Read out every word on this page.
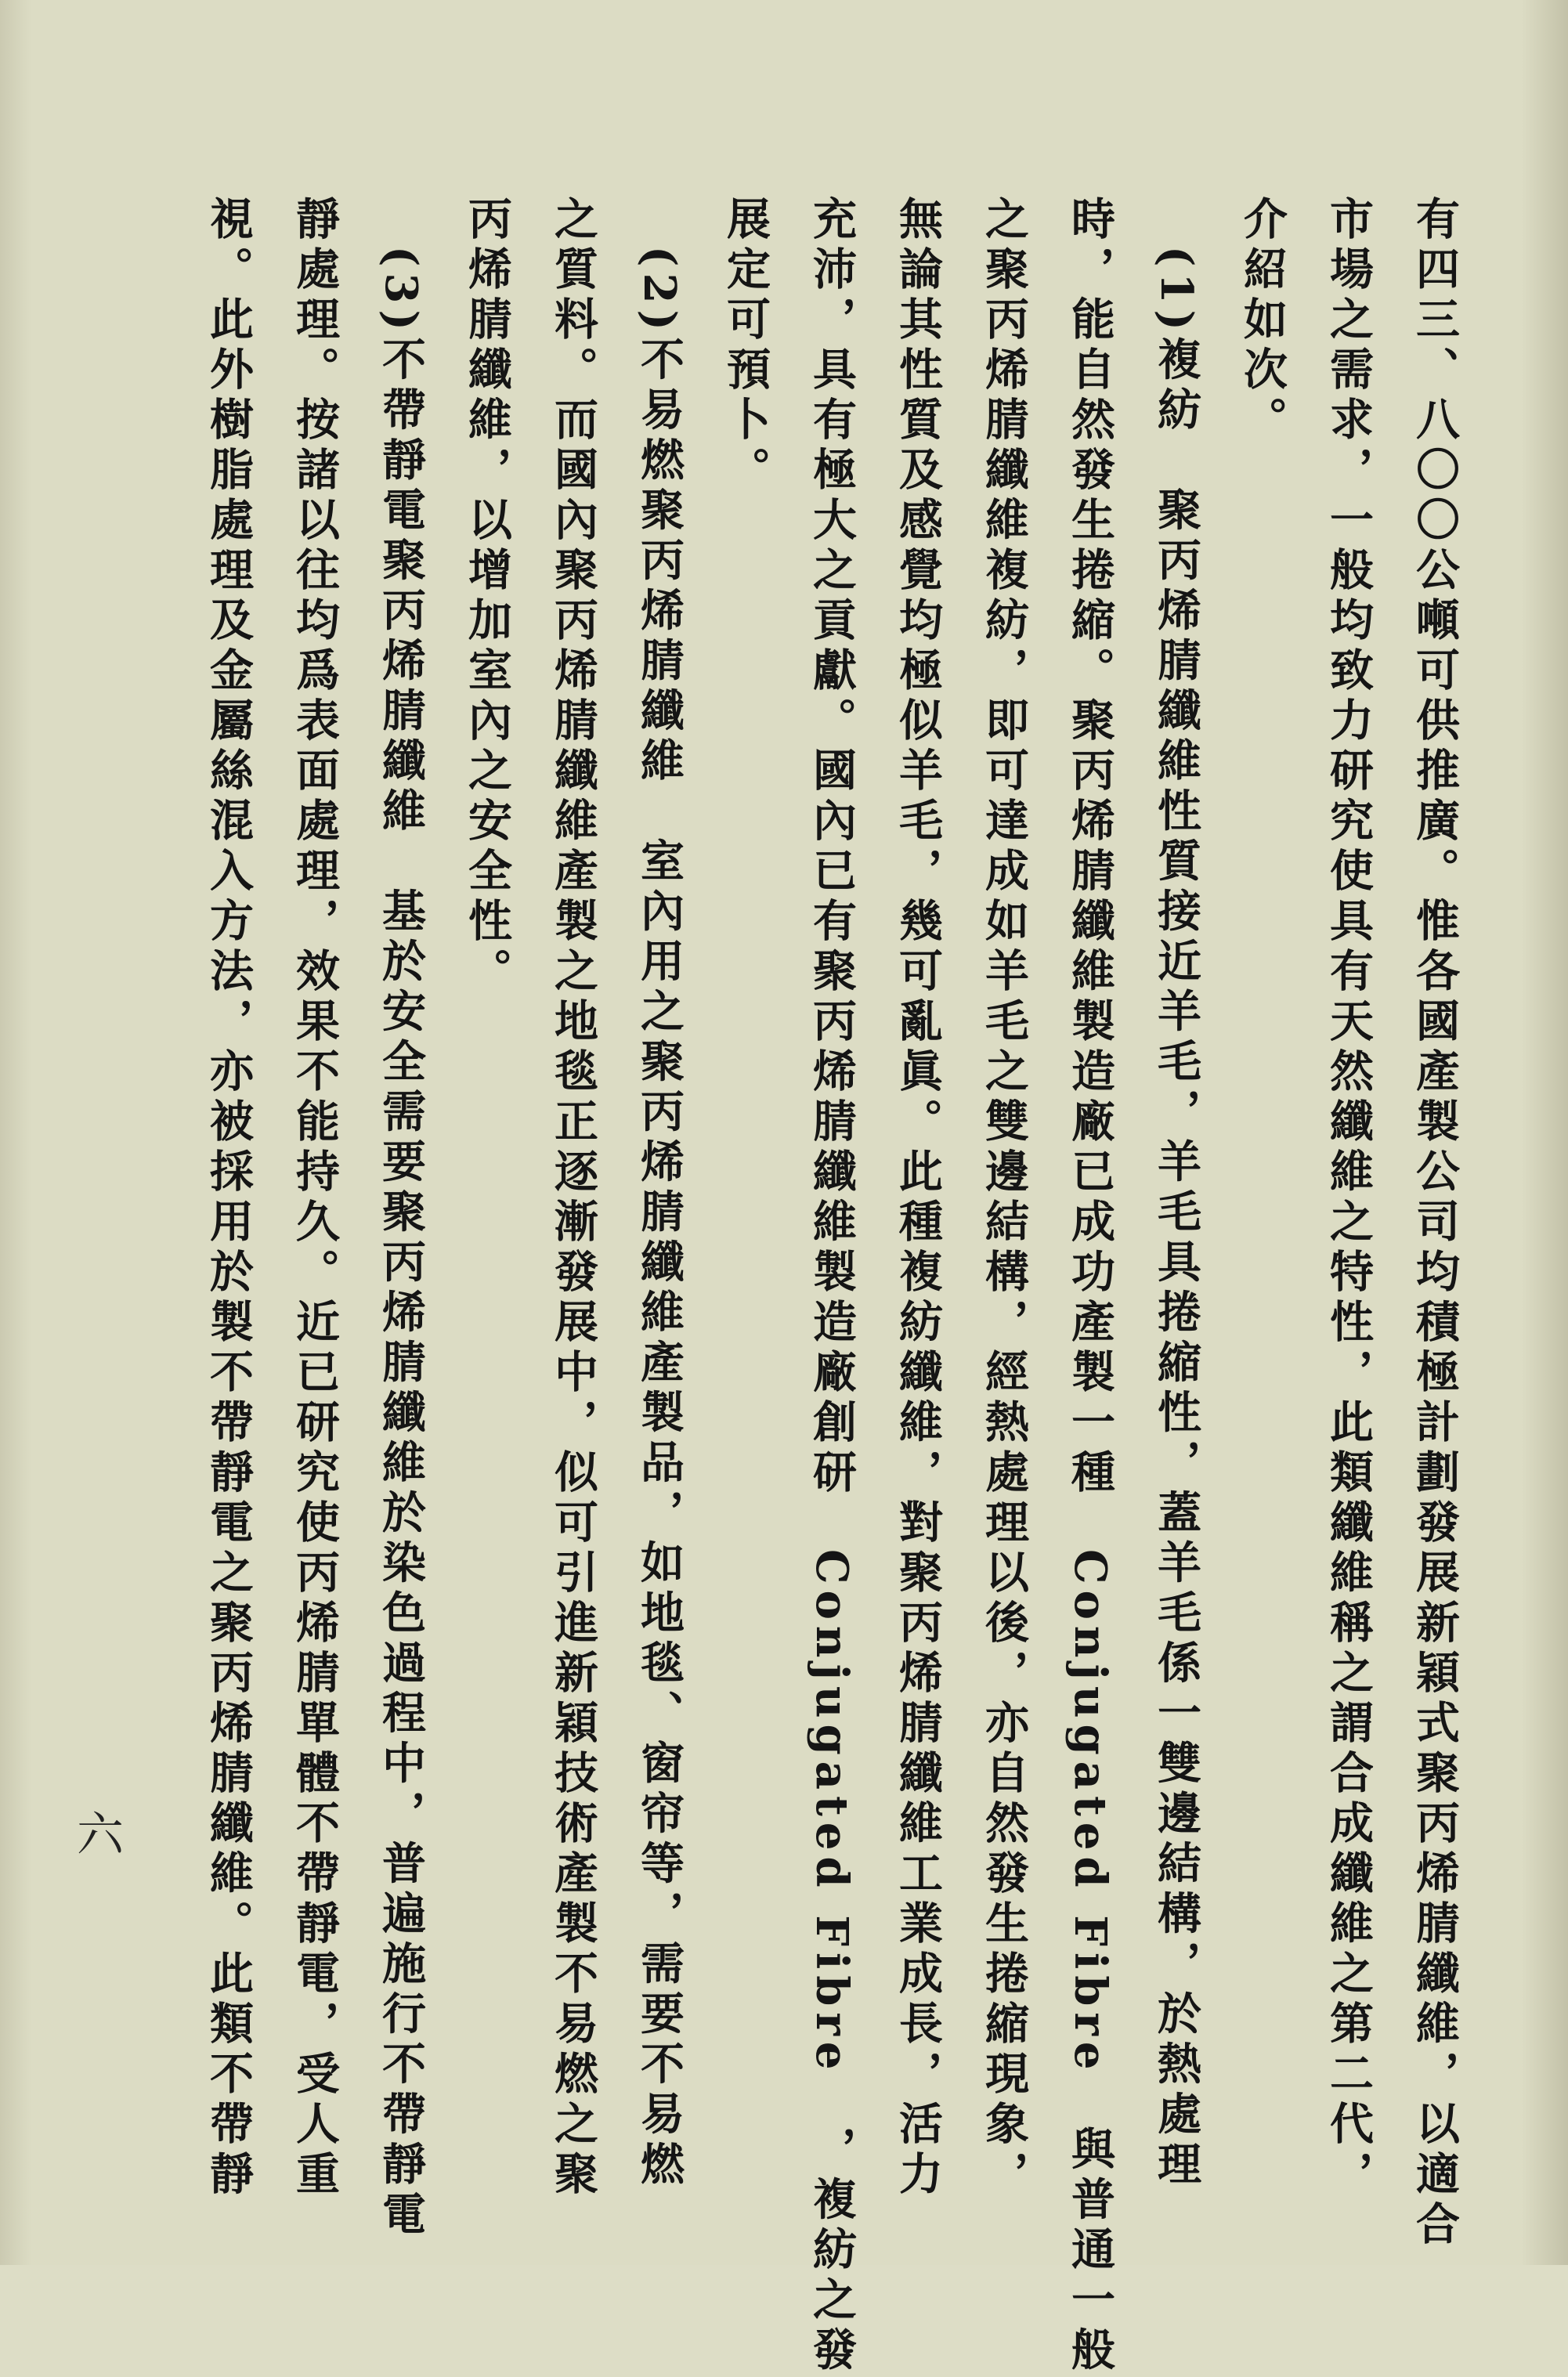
有四三、八〇〇公噸可供推廣。惟各國產製公司均積極計劃發展新穎式聚丙烯腈纖維，以適合
市場之需求，一般均致力研究使具有天然纖維之特性，此類纖維稱之謂合成纖維之第二代，
介紹如次。
　(1)複紡　聚丙烯腈纖維性質接近羊毛，羊毛具捲縮性，蓋羊毛係一雙邊結構，於熱處理
時，能自然發生捲縮。聚丙烯腈纖維製造廠已成功產製一種　Conjugated Fibre　與普通一般
之聚丙烯腈纖維複紡，即可達成如羊毛之雙邊結構，經熱處理以後，亦自然發生捲縮現象，
無論其性質及感覺均極似羊毛，幾可亂眞。此種複紡纖維，對聚丙烯腈纖維工業成長，活力
充沛，具有極大之貢獻。國內已有聚丙烯腈纖維製造廠創研　Conjugated Fibre　，複紡之發
展定可預卜。
　(2)不易燃聚丙烯腈纖維　室內用之聚丙烯腈纖維產製品，如地毯、窗帘等，需要不易燃
之質料。而國內聚丙烯腈纖維產製之地毯正逐漸發展中，似可引進新穎技術產製不易燃之聚
丙烯腈纖維，以增加室內之安全性。
　(3)不帶靜電聚丙烯腈纖維　基於安全需要聚丙烯腈纖維於染色過程中，普遍施行不帶靜電
靜處理。按諸以往均爲表面處理，效果不能持久。近已研究使丙烯腈單體不帶靜電，受人重
視。此外樹脂處理及金屬絲混入方法，亦被採用於製不帶靜電之聚丙烯腈纖維。此類不帶靜
六
